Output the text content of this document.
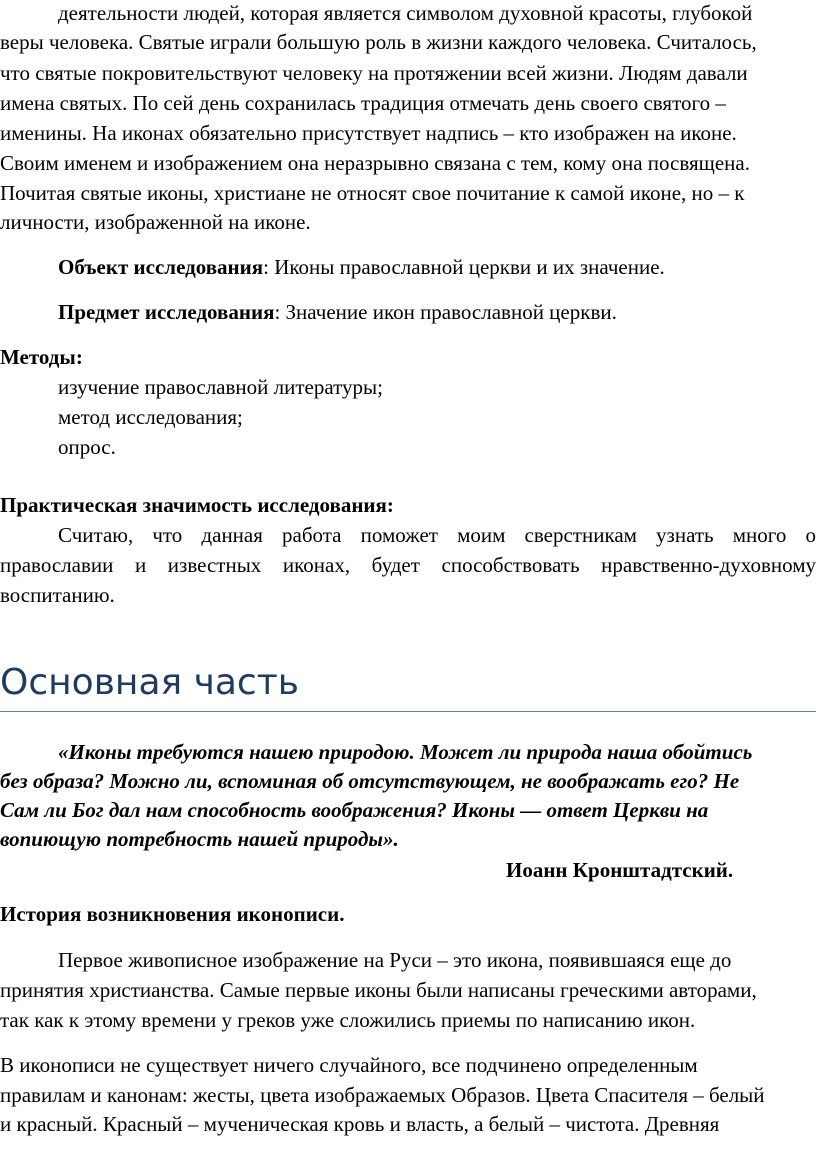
деятельности людей, которая является символом духовной красоты, глубокой

веры человека. Святые играли большую роль в жизни каждого человека. Считалось,

что святые покровительствуют человеку на протяжении всей жизни. Людям давали

имена святых. По сей день сохранилась традиция отмечать день своего святого –

именины. На иконах обязательно присутствует надпись – кто изображен на иконе.

Своим именем и изображением она неразрывно связана с тем, кому она посвящена.

Почитая святые иконы, христиане не относят свое почитание к самой иконе, но – к

личности, изображенной на иконе.

Объект исследования: Иконы православной церкви и их значение.

Предмет исследования: Значение икон православной церкви.

Методы:

изучение православной литературы;

метод исследования;

опрос.

Практическая значимость исследования:

Считаю, что данная работа поможет моим сверстникам узнать много о

православии и известных иконах, будет способствовать нравственно-духовному

воспитанию.

Основная часть

«Иконы требуются нашею природою. Может ли природа наша обойтись

без образа? Можно ли, вспоминая об отсутствующем, не воображать его? Не

Сам ли Бог дал нам способность воображения? Иконы — ответ Церкви на

вопиющую потребность нашей природы».

Иоанн Кронштадтский.

История возникновения иконописи.

Первое живописное изображение на Руси – это икона, появившаяся еще до

принятия христианства. Самые первые иконы были написаны греческими авторами,

так как к этому времени у греков уже сложились приемы по написанию икон.

В иконописи не существует ничего случайного, все подчинено определенным

правилам и канонам: жесты, цвета изображаемых Образов. Цвета Спасителя – белый

и красный. Красный – мученическая кровь и власть, а белый – чистота. Древняя
